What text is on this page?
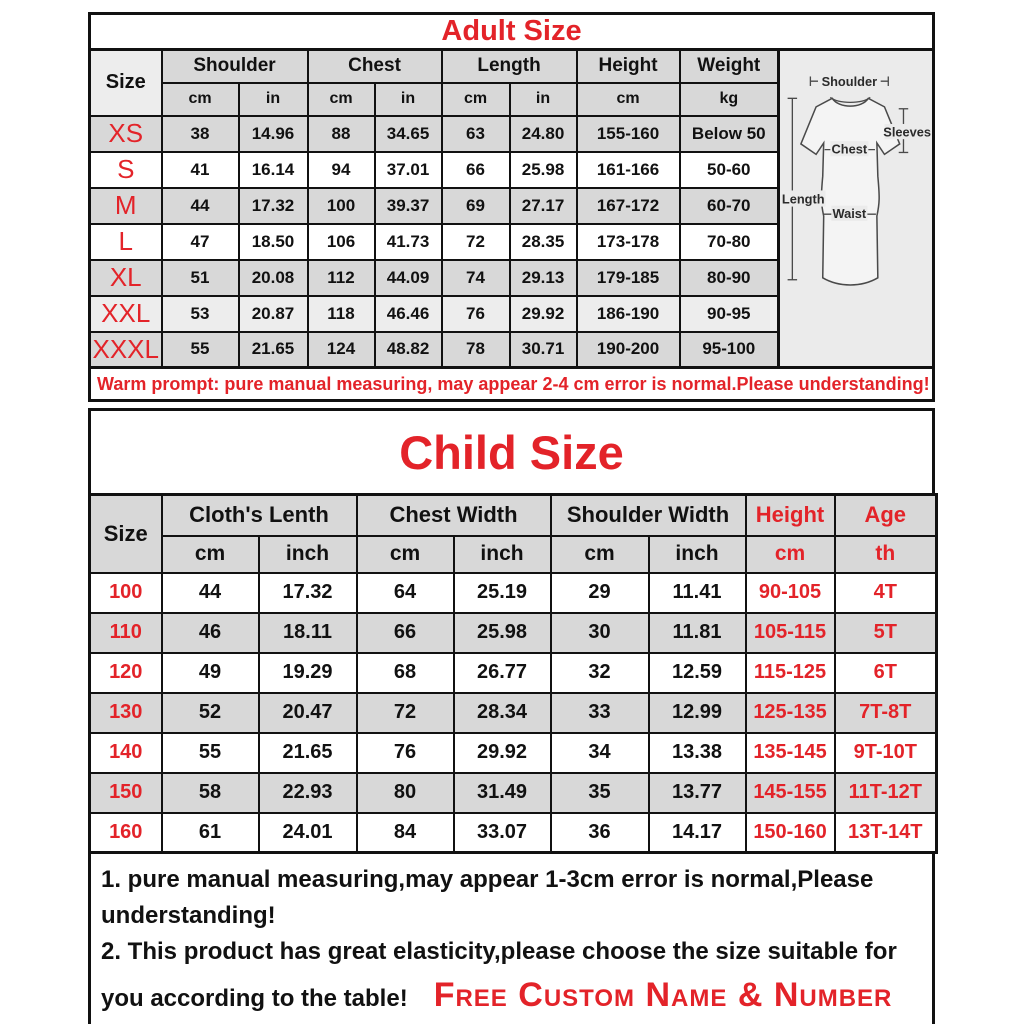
Adult Size
Size	Shoulder		Chest		Length		Height	Weight
	cm	in	cm	in	cm	in	cm	kg
XS	38	14.96	88	34.65	63	24.80	155-160	Below 50
S	41	16.14	94	37.01	66	25.98	161-166	50-60
M	44	17.32	100	39.37	69	27.17	167-172	60-70
L	47	18.50	106	41.73	72	28.35	173-178	70-80
XL	51	20.08	112	44.09	74	29.13	179-185	80-90
XXL	53	20.87	118	46.46	76	29.92	186-190	90-95
XXXL	55	21.65	124	48.82	78	30.71	190-200	95-100
Shoulder
Sleeves
Chest
Length
Waist
Warm prompt: pure manual measuring, may appear 2-4 cm error is normal.Please understanding!
Child Size
Size	Cloth's Lenth		Chest Width		Shoulder Width		Height	Age
	cm	inch	cm	inch	cm	inch	cm	th
100	44	17.32	64	25.19	29	11.41	90-105	4T
110	46	18.11	66	25.98	30	11.81	105-115	5T
120	49	19.29	68	26.77	32	12.59	115-125	6T
130	52	20.47	72	28.34	33	12.99	125-135	7T-8T
140	55	21.65	76	29.92	34	13.38	135-145	9T-10T
150	58	22.93	80	31.49	35	13.77	145-155	11T-12T
160	61	24.01	84	33.07	36	14.17	150-160	13T-14T
1. pure manual measuring,may appear 1-3cm error is normal,Please understanding!
2. This product has great elasticity,please choose the size suitable for you according to the table! Free Custom Name & Number
